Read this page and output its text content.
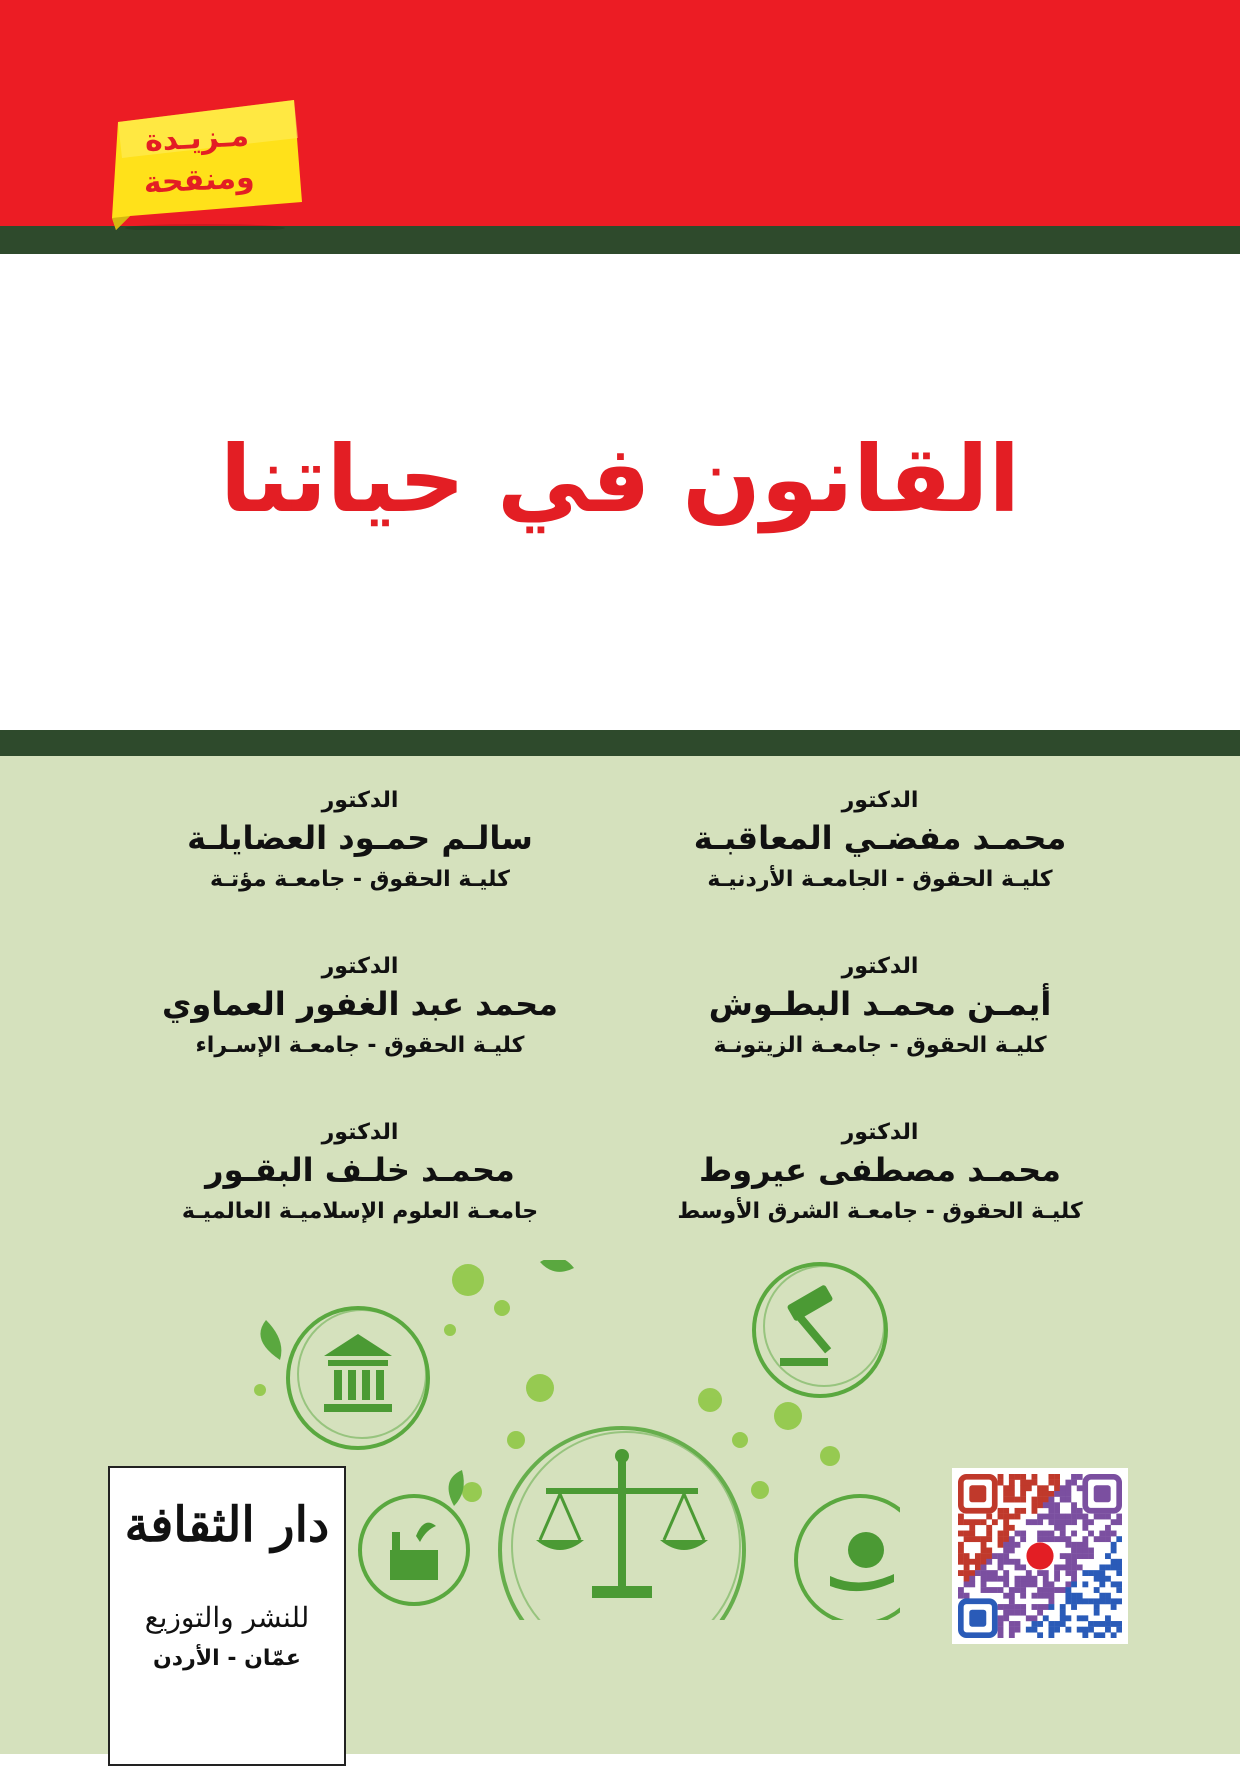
مـزيـدة
ومنقحة
القانون في حياتنا
الدكتور
محمـد مفضـي المعاقبـة
كليـة الحقوق - الجامعـة الأردنيـة
الدكتور
سالـم حمـود العضايلـة
كليـة الحقوق - جامعـة مؤتـة
الدكتور
أيمـن محمـد البطـوش
كليـة الحقوق - جامعـة الزيتونـة
الدكتور
محمد عبد الغفور العماوي
كليـة الحقوق - جامعـة الإسـراء
الدكتور
محمـد مصطفى عيروط
كليـة الحقوق - جامعـة الشرق الأوسط
الدكتور
محمـد خلـف البقـور
جامعـة العلوم الإسلاميـة العالميـة
دار الثقافة
للنشر والتوزيع
عمّان - الأردن
